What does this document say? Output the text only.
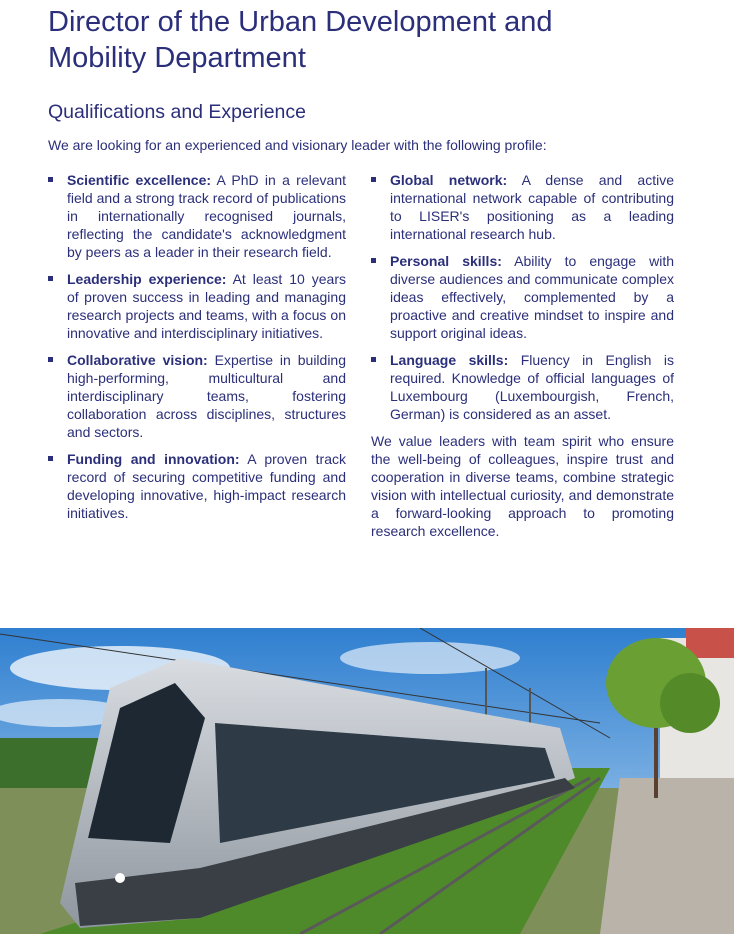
Director of the Urban Development and
Mobility Department
Qualifications and Experience

We are looking for an experienced and visionary leader with the following profile:

Scientific excellence: A PhD in a relevant field and a strong track record of publications in internationally recognised journals, reflecting the candidate's acknowledgment by peers as a leader in their research field.
Leadership experience: At least 10 years of proven success in leading and managing research projects and teams, with a focus on innovative and interdisciplinary initiatives.
Collaborative vision: Expertise in building high-performing, multicultural and interdisciplinary teams, fostering collaboration across disciplines, structures and sectors.
Funding and innovation: A proven track record of securing competitive funding and developing innovative, high-impact research initiatives.
Global network: A dense and active international network capable of contributing to LISER's positioning as a leading international research hub.
Personal skills: Ability to engage with diverse audiences and communicate complex ideas effectively, complemented by a proactive and creative mindset to inspire and support original ideas.
Language skills: Fluency in English is required. Knowledge of official languages of Luxembourg (Luxembourgish, French, German) is considered as an asset.

We value leaders with team spirit who ensure the well-being of colleagues, inspire trust and cooperation in diverse teams, combine strategic vision with intellectual curiosity, and demonstrate a forward-looking approach to promoting research excellence.
